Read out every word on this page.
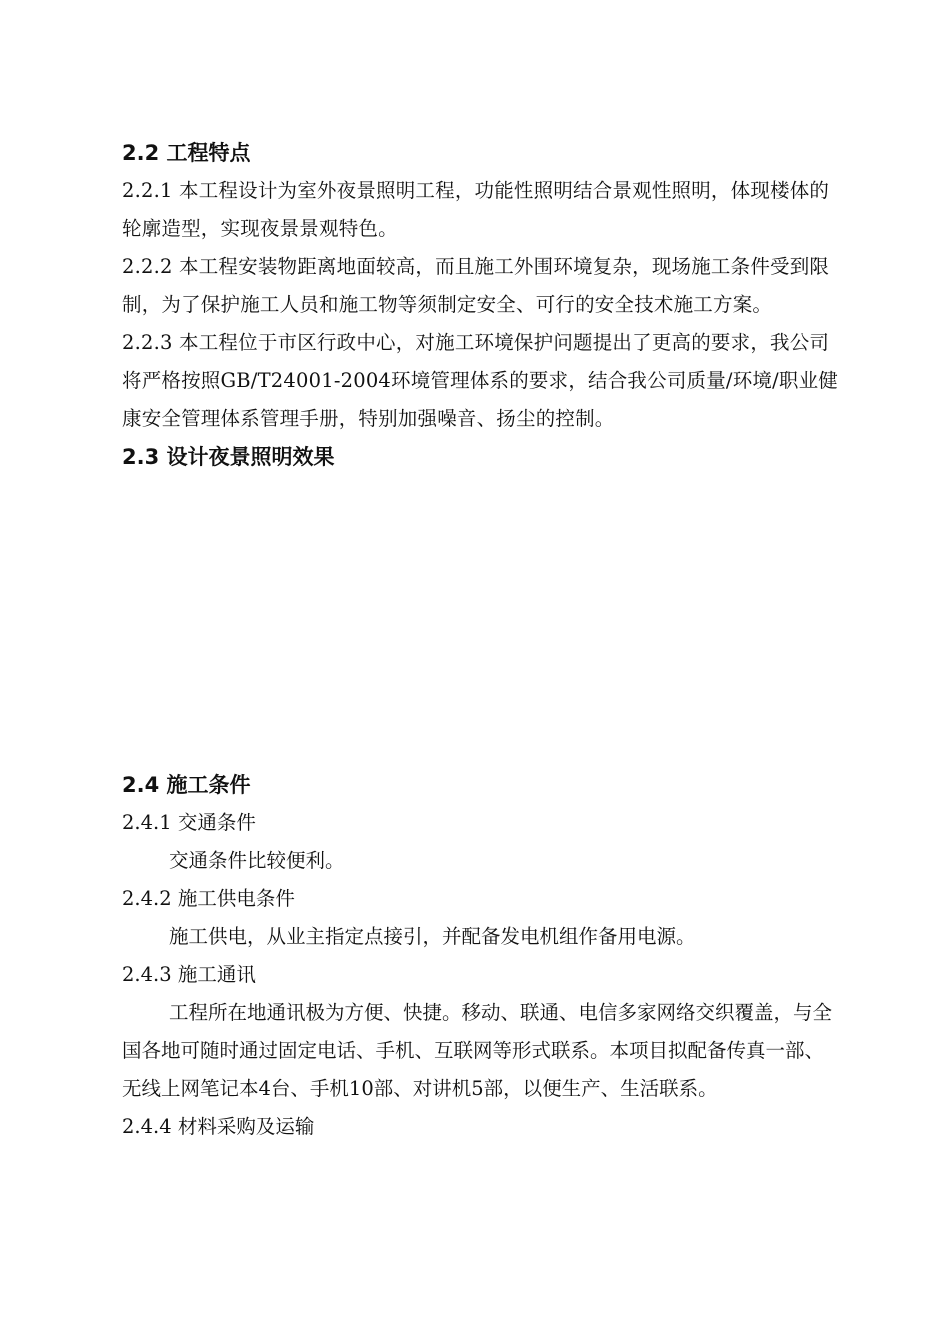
2.2 工程特点
2.2.1 本工程设计为室外夜景照明工程，功能性照明结合景观性照明，体现楼体的轮廓造型，实现夜景景观特色。
2.2.2 本工程安装物距离地面较高，而且施工外围环境复杂，现场施工条件受到限制，为了保护施工人员和施工物等须制定安全、可行的安全技术施工方案。
2.2.3 本工程位于市区行政中心，对施工环境保护问题提出了更高的要求，我公司将严格按照GB/T24001-2004环境管理体系的要求，结合我公司质量/环境/职业健康安全管理体系管理手册，特别加强噪音、扬尘的控制。
2.3 设计夜景照明效果
2.4 施工条件
2.4.1 交通条件
交通条件比较便利。
2.4.2 施工供电条件
施工供电，从业主指定点接引，并配备发电机组作备用电源。
2.4.3 施工通讯
工程所在地通讯极为方便、快捷。移动、联通、电信多家网络交织覆盖，与全国各地可随时通过固定电话、手机、互联网等形式联系。本项目拟配备传真一部、无线上网笔记本4台、手机10部、对讲机5部，以便生产、生活联系。
2.4.4 材料采购及运输
